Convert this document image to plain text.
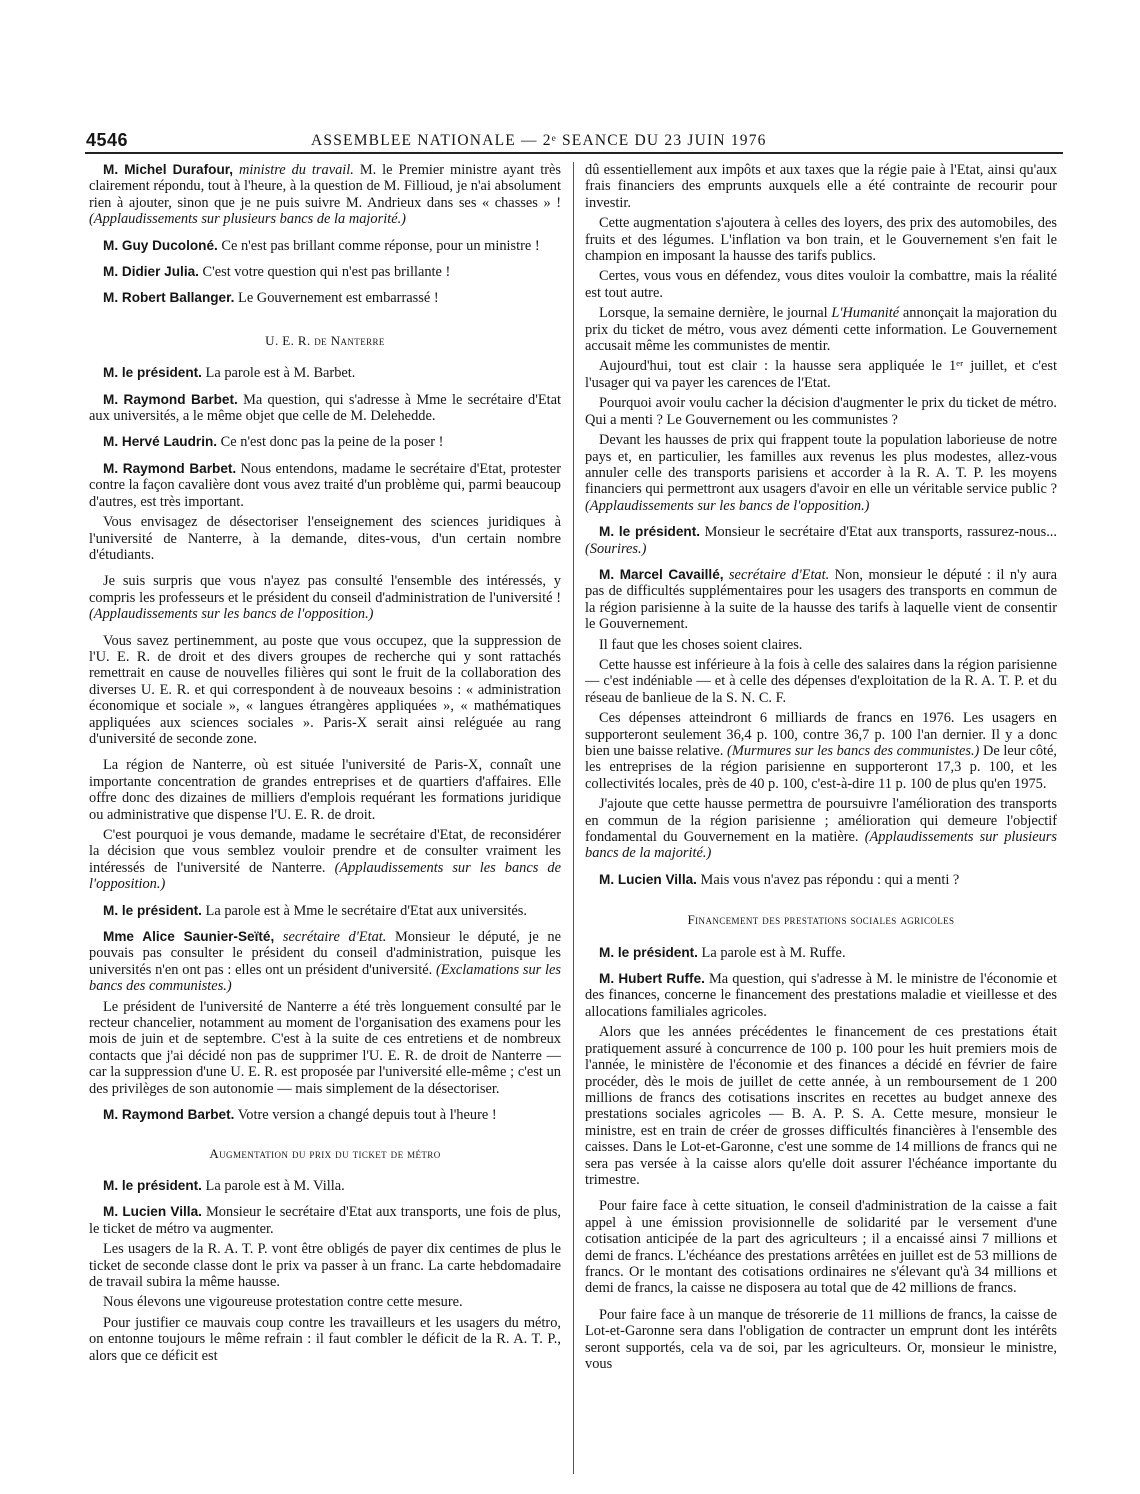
4546	ASSEMBLEE NATIONALE — 2ᵉ SEANCE DU 23 JUIN 1976

M. Michel Durafour, ministre du travail. M. le Premier ministre ayant très clairement répondu, tout à l'heure, à la question de M. Fillioud, je n'ai absolument rien à ajouter, sinon que je ne puis suivre M. Andrieux dans ses « chasses » ! (Applaudissements sur plusieurs bancs de la majorité.)

M. Guy Ducoloné. Ce n'est pas brillant comme réponse, pour un ministre !

M. Didier Julia. C'est votre question qui n'est pas brillante !

M. Robert Ballanger. Le Gouvernement est embarrassé !

U. E. R. de Nanterre

M. le président. La parole est à M. Barbet.

M. Raymond Barbet. Ma question, qui s'adresse à Mme le secrétaire d'Etat aux universités, a le même objet que celle de M. Delehedde.

M. Hervé Laudrin. Ce n'est donc pas la peine de la poser !

M. Raymond Barbet. Nous entendons, madame le secrétaire d'Etat, protester contre la façon cavalière dont vous avez traité d'un problème qui, parmi beaucoup d'autres, est très important.

Vous envisagez de désectoriser l'enseignement des sciences juridiques à l'université de Nanterre, à la demande, dites-vous, d'un certain nombre d'étudiants.

Je suis surpris que vous n'ayez pas consulté l'ensemble des intéressés, y compris les professeurs et le président du conseil d'administration de l'université ! (Applaudissements sur les bancs de l'opposition.)

Vous savez pertinemment, au poste que vous occupez, que la suppression de l'U. E. R. de droit et des divers groupes de recherche qui y sont rattachés remettrait en cause de nouvelles filières qui sont le fruit de la collaboration des diverses U. E. R. et qui correspondent à de nouveaux besoins : « administration économique et sociale », « langues étrangères appliquées », « mathématiques appliquées aux sciences sociales ». Paris-X serait ainsi reléguée au rang d'université de seconde zone.

La région de Nanterre, où est située l'université de Paris-X, connaît une importante concentration de grandes entreprises et de quartiers d'affaires. Elle offre donc des dizaines de milliers d'emplois requérant les formations juridique ou administrative que dispense l'U. E. R. de droit.

C'est pourquoi je vous demande, madame le secrétaire d'Etat, de reconsidérer la décision que vous semblez vouloir prendre et de consulter vraiment les intéressés de l'université de Nanterre. (Applaudissements sur les bancs de l'opposition.)

M. le président. La parole est à Mme le secrétaire d'Etat aux universités.

Mme Alice Saunier-Seïté, secrétaire d'Etat. Monsieur le député, je ne pouvais pas consulter le président du conseil d'administration, puisque les universités n'en ont pas : elles ont un président d'université. (Exclamations sur les bancs des communistes.)

Le président de l'université de Nanterre a été très longuement consulté par le recteur chancelier, notamment au moment de l'organisation des examens pour les mois de juin et de septembre. C'est à la suite de ces entretiens et de nombreux contacts que j'ai décidé non pas de supprimer l'U. E. R. de droit de Nanterre — car la suppression d'une U. E. R. est proposée par l'université elle-même ; c'est un des privilèges de son autonomie — mais simplement de la désectoriser.

M. Raymond Barbet. Votre version a changé depuis tout à l'heure !

Augmentation du prix du ticket de métro

M. le président. La parole est à M. Villa.

M. Lucien Villa. Monsieur le secrétaire d'Etat aux transports, une fois de plus, le ticket de métro va augmenter.

Les usagers de la R. A. T. P. vont être obligés de payer dix centimes de plus le ticket de seconde classe dont le prix va passer à un franc. La carte hebdomadaire de travail subira la même hausse.

Nous élevons une vigoureuse protestation contre cette mesure.

Pour justifier ce mauvais coup contre les travailleurs et les usagers du métro, on entonne toujours le même refrain : il faut combler le déficit de la R. A. T. P., alors que ce déficit est

dû essentiellement aux impôts et aux taxes que la régie paie à l'Etat, ainsi qu'aux frais financiers des emprunts auxquels elle a été contrainte de recourir pour investir.

Cette augmentation s'ajoutera à celles des loyers, des prix des automobiles, des fruits et des légumes. L'inflation va bon train, et le Gouvernement s'en fait le champion en imposant la hausse des tarifs publics.

Certes, vous vous en défendez, vous dites vouloir la combattre, mais la réalité est tout autre.

Lorsque, la semaine dernière, le journal L'Humanité annonçait la majoration du prix du ticket de métro, vous avez démenti cette information. Le Gouvernement accusait même les communistes de mentir.

Aujourd'hui, tout est clair : la hausse sera appliquée le 1ᵉʳ juillet, et c'est l'usager qui va payer les carences de l'Etat.

Pourquoi avoir voulu cacher la décision d'augmenter le prix du ticket de métro. Qui a menti ? Le Gouvernement ou les communistes ?

Devant les hausses de prix qui frappent toute la population laborieuse de notre pays et, en particulier, les familles aux revenus les plus modestes, allez-vous annuler celle des transports parisiens et accorder à la R. A. T. P. les moyens financiers qui permettront aux usagers d'avoir en elle un véritable service public ? (Applaudissements sur les bancs de l'opposition.)

M. le président. Monsieur le secrétaire d'Etat aux transports, rassurez-nous... (Sourires.)

M. Marcel Cavaillé, secrétaire d'Etat. Non, monsieur le député : il n'y aura pas de difficultés supplémentaires pour les usagers des transports en commun de la région parisienne à la suite de la hausse des tarifs à laquelle vient de consentir le Gouvernement.

Il faut que les choses soient claires.

Cette hausse est inférieure à la fois à celle des salaires dans la région parisienne — c'est indéniable — et à celle des dépenses d'exploitation de la R. A. T. P. et du réseau de banlieue de la S. N. C. F.

Ces dépenses atteindront 6 milliards de francs en 1976. Les usagers en supporteront seulement 36,4 p. 100, contre 36,7 p. 100 l'an dernier. Il y a donc bien une baisse relative. (Murmures sur les bancs des communistes.) De leur côté, les entreprises de la région parisienne en supporteront 17,3 p. 100, et les collectivités locales, près de 40 p. 100, c'est-à-dire 11 p. 100 de plus qu'en 1975.

J'ajoute que cette hausse permettra de poursuivre l'amélioration des transports en commun de la région parisienne ; amélioration qui demeure l'objectif fondamental du Gouvernement en la matière. (Applaudissements sur plusieurs bancs de la majorité.)

M. Lucien Villa. Mais vous n'avez pas répondu : qui a menti ?

Financement des prestations sociales agricoles

M. le président. La parole est à M. Ruffe.

M. Hubert Ruffe. Ma question, qui s'adresse à M. le ministre de l'économie et des finances, concerne le financement des prestations maladie et vieillesse et des allocations familiales agricoles.

Alors que les années précédentes le financement de ces prestations était pratiquement assuré à concurrence de 100 p. 100 pour les huit premiers mois de l'année, le ministère de l'économie et des finances a décidé en février de faire procéder, dès le mois de juillet de cette année, à un remboursement de 1 200 millions de francs des cotisations inscrites en recettes au budget annexe des prestations sociales agricoles — B. A. P. S. A. Cette mesure, monsieur le ministre, est en train de créer de grosses difficultés financières à l'ensemble des caisses. Dans le Lot-et-Garonne, c'est une somme de 14 millions de francs qui ne sera pas versée à la caisse alors qu'elle doit assurer l'échéance importante du trimestre.

Pour faire face à cette situation, le conseil d'administration de la caisse a fait appel à une émission provisionnelle de solidarité par le versement d'une cotisation anticipée de la part des agriculteurs ; il a encaissé ainsi 7 millions et demi de francs. L'échéance des prestations arrêtées en juillet est de 53 millions de francs. Or le montant des cotisations ordinaires ne s'élevant qu'à 34 millions et demi de francs, la caisse ne disposera au total que de 42 millions de francs.

Pour faire face à un manque de trésorerie de 11 millions de francs, la caisse de Lot-et-Garonne sera dans l'obligation de contracter un emprunt dont les intérêts seront supportés, cela va de soi, par les agriculteurs. Or, monsieur le ministre, vous
